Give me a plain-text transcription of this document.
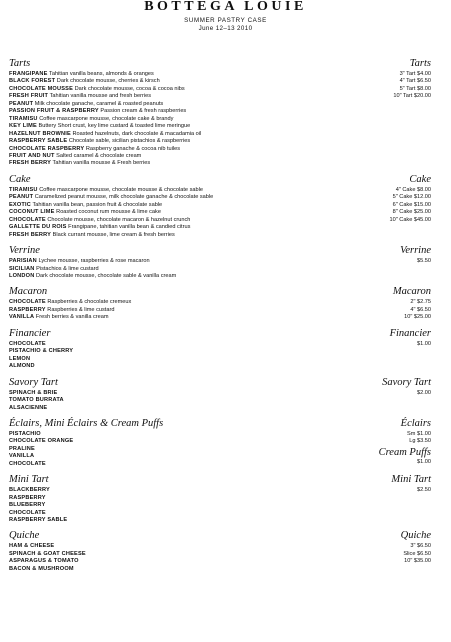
BOTTEGA LOUIE
SUMMER PASTRY CASE
June 12–13 2010
Tarts	Tarts
FRANGIPANE Tahitian vanilla beans, almonds & oranges
BLACK FOREST Dark chocolate mousse, cherries & kirsch
CHOCOLATE MOUSSE Dark chocolate mousse, cocoa & cocoa nibs
FRESH FRUIT Tahitian vanilla mousse and fresh berries
PEANUT Milk chocolate ganache, caramel & roasted peanuts
PASSION FRUIT & RASPBERRY Passion cream & fresh raspberries
TIRAMISU Coffee mascarpone mousse, chocolate cake & brandy
KEY LIME Buttery Short crust, key lime custard & toasted lime meringue
HAZELNUT BROWNIE Roasted hazelnuts, dark chocolate & macadamia oil
RASPBERRY SABLE Chocolate sable, sicilian pistachios & raspberries
CHOCOLATE RASPBERRY Raspberry ganache & cocoa nib tuiles
FRUIT AND NUT Salted caramel & chocolate cream
FRESH BERRY Tahitian vanilla mousse & Fresh berries
3" Tart $4.00
4" Tart $6.50
5" Tart $8.00
10" Tart $20.00
Cake	Cake
TIRAMISU Coffee mascarpone mousse, chocolate mousse & chocolate sable
PEANUT Caramelized peanut mousse, milk chocolate ganache & chocolate sable
EXOTIC Tahitian vanilla bean, passion fruit & chocolate sable
COCONUT LIME Roasted coconut rum mousse & lime cake
CHOCOLATE Chocolate mousse, chocolate macaron & hazelnut crunch
GALLETTE DU ROIS Frangipane, tahitian vanilla bean & candied citrus
FRESH BERRY Black currant mousse, lime cream & fresh berries
4" Cake $8.00
5" Cake $12.00
6" Cake $15.00
8" Cake $25.00
10" Cake $45.00
Verrine	Verrine
PARISIAN Lychee mousse, raspberries & rose macaron
SICILIAN Pistachios & lime custard
LONDON Dark chocolate mousse, chocolate sable & vanilla cream
$5.50
Macaron	Macaron
CHOCOLATE Raspberries & chocolate cremeux
RASPBERRY Raspberries & lime custard
VANILLA Fresh berries & vanilla cream
2" $2.75
4" $6.50
10" $25.00
Financier	Financier
CHOCOLATE
PISTACHIO & CHERRY
LEMON
ALMOND
$1.00
Savory Tart	Savory Tart
SPINACH & BRIE
TOMATO BURRATA
ALSACIENNE
$2.00
Éclairs, Mini Éclairs & Cream Puffs	Éclairs
PISTACHIO
CHOCOLATE ORANGE
PRALINE
VANILLA
CHOCOLATE
Sm $1.00
Lg $3.50
Cream Puffs
$1.00
Mini Tart	Mini Tart
BLACKBERRY
RASPBERRY
BLUEBERRY
CHOCOLATE
RASPBERRY SABLE
$2.50
Quiche	Quiche
HAM & CHEESE
SPINACH & GOAT CHEESE
ASPARAGUS & TOMATO
BACON & MUSHROOM
3" $6.50
Slice $6.50
10" $35.00
